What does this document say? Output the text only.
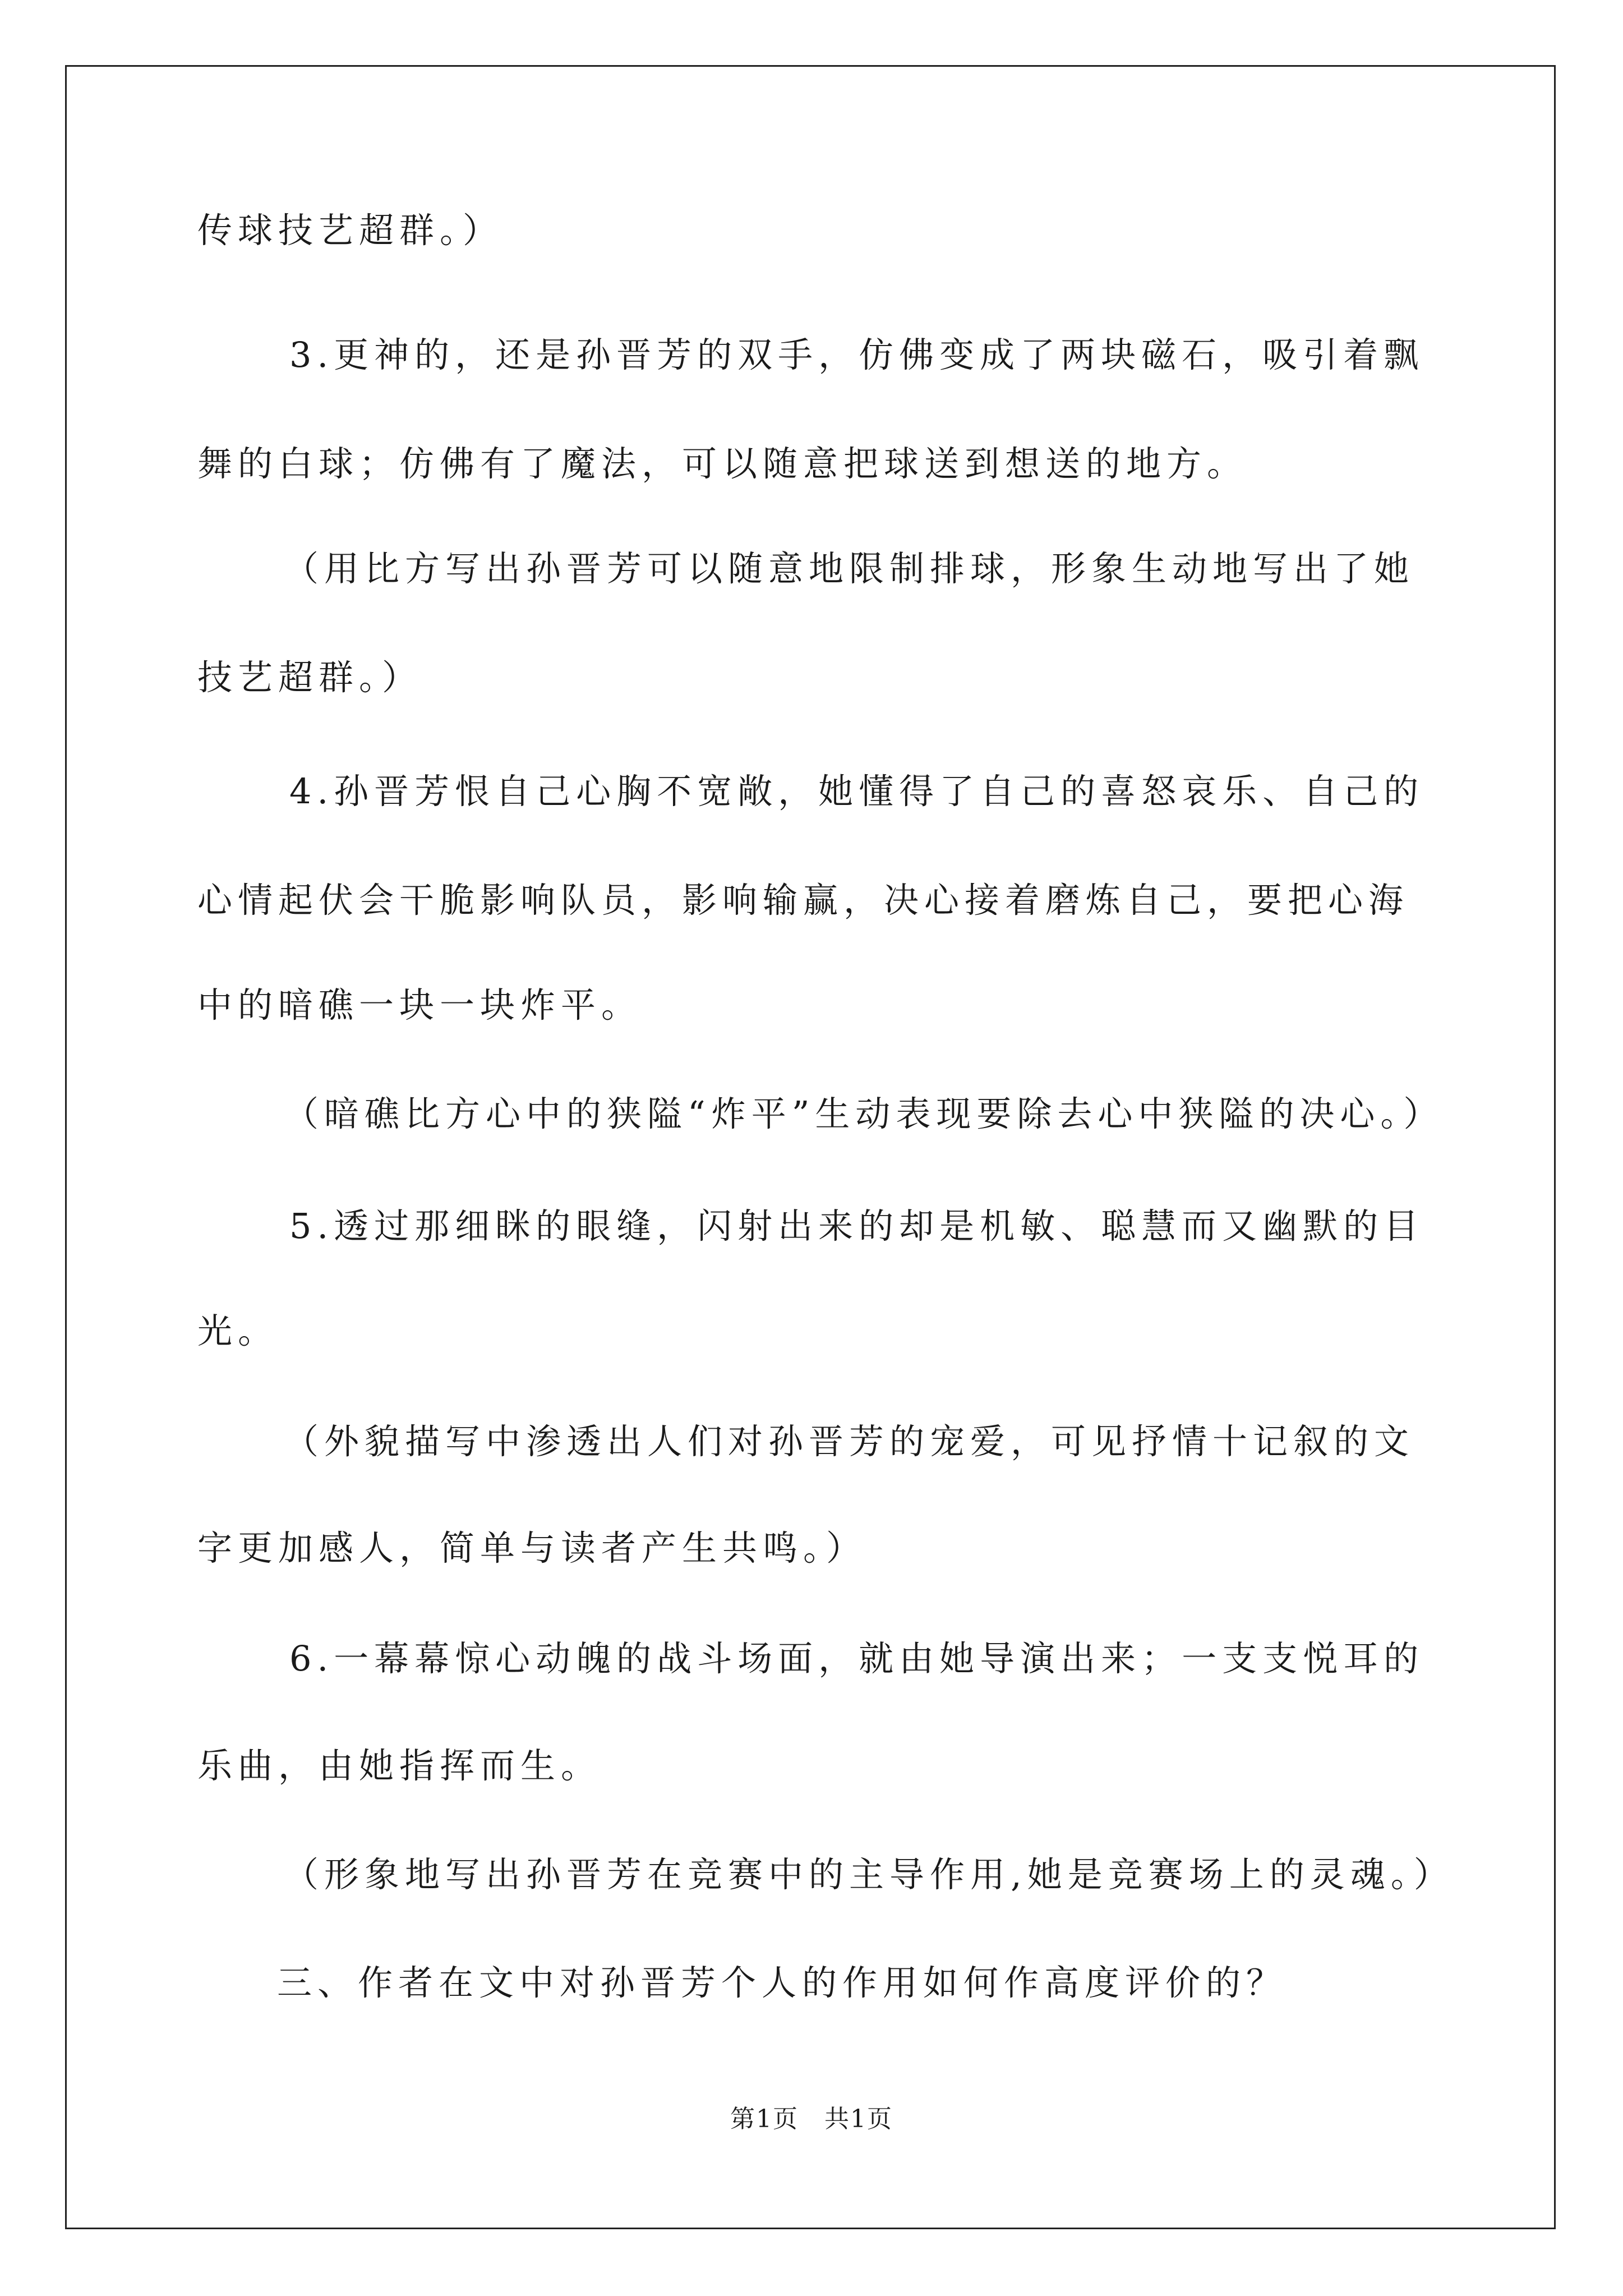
传球技艺超群。）
3.更神的，还是孙晋芳的双手，仿佛变成了两块磁石，吸引着飘
舞的白球；仿佛有了魔法，可以随意把球送到想送的地方。
（用比方写出孙晋芳可以随意地限制排球，形象生动地写出了她
技艺超群。）
4.孙晋芳恨自己心胸不宽敞，她懂得了自己的喜怒哀乐、自己的
心情起伏会干脆影响队员，影响输赢，决心接着磨炼自己，要把心海
中的暗礁一块一块炸平。
（暗礁比方心中的狭隘“炸平”生动表现要除去心中狭隘的决心。）
5.透过那细眯的眼缝，闪射出来的却是机敏、聪慧而又幽默的目
光。
（外貌描写中渗透出人们对孙晋芳的宠爱，可见抒情十记叙的文
字更加感人，简单与读者产生共鸣。）
6.一幕幕惊心动魄的战斗场面，就由她导演出来；一支支悦耳的
乐曲，由她指挥而生。
（形象地写出孙晋芳在竞赛中的主导作用,她是竞赛场上的灵魂。）
三、作者在文中对孙晋芳个人的作用如何作高度评价的？
第1页　共1页
